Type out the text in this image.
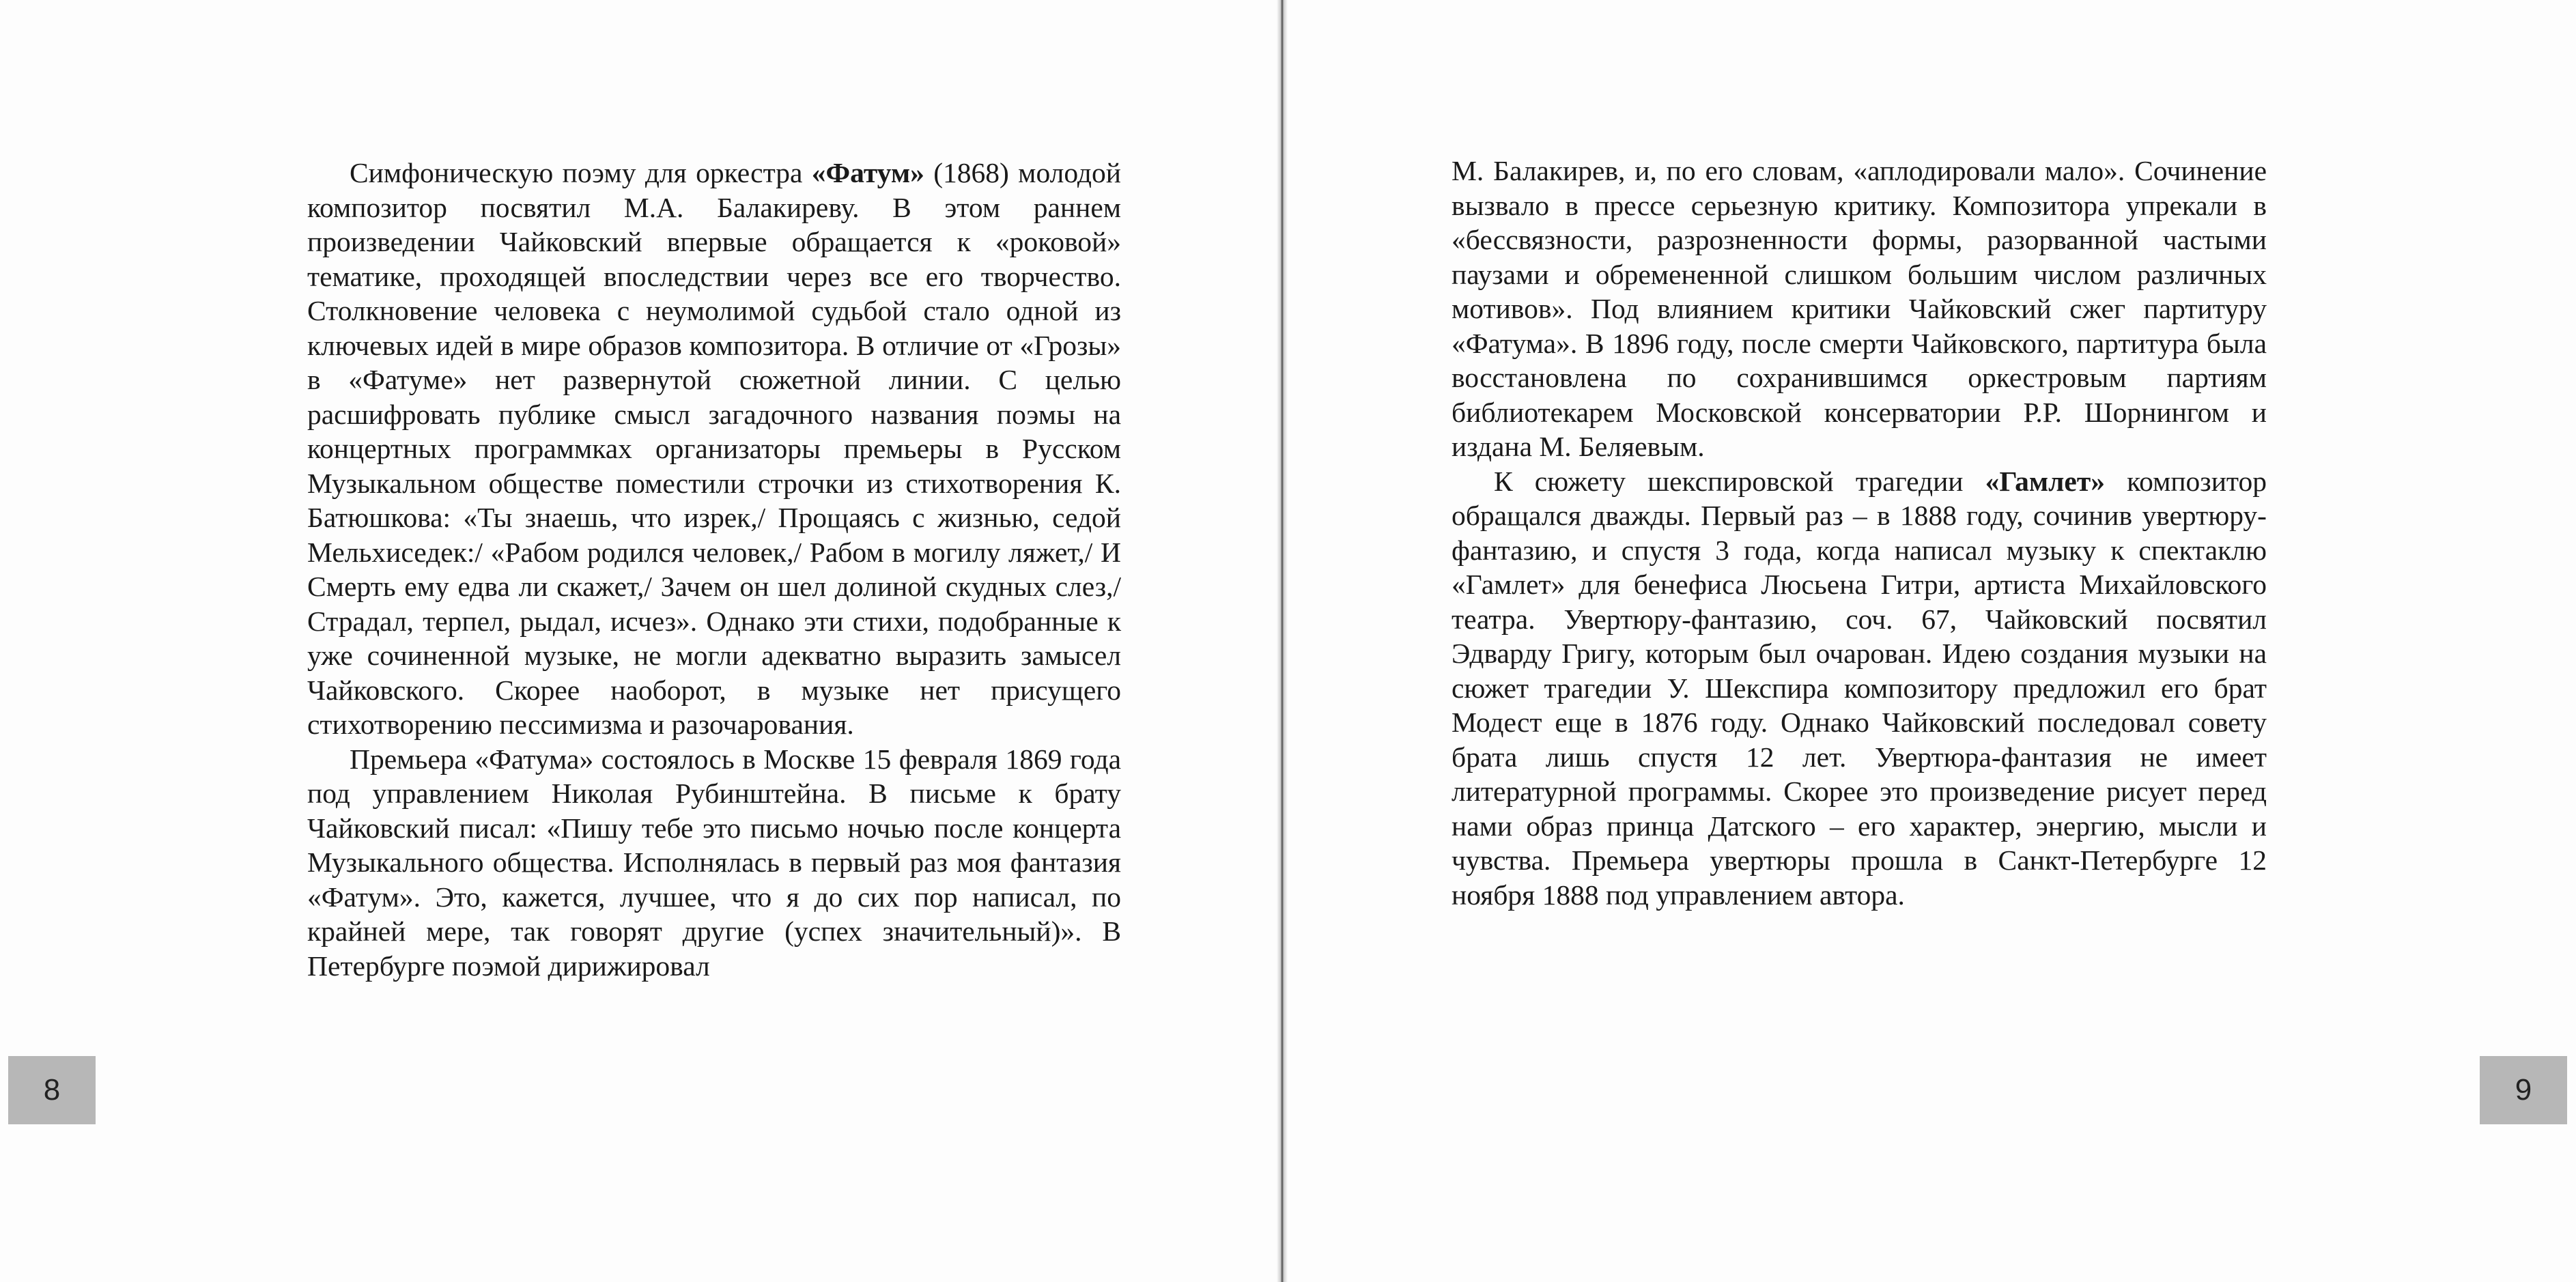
Симфоническую поэму для оркестра «Фатум» (1868) молодой композитор посвятил М.А. Балакиреву. В этом раннем произведении Чайковский впервые обращается к «роковой» тематике, проходящей впоследствии через все его творчество. Столкновение человека с неумолимой судьбой стало одной из ключевых идей в мире образов композитора. В отличие от «Грозы» в «Фатуме» нет развернутой сюжетной линии. С целью расшифровать публике смысл загадочного названия поэмы на концертных программках организаторы премьеры в Русском Музыкальном обществе поместили строчки из стихотворения К. Батюшкова: «Ты знаешь, что изрек,/ Прощаясь с жизнью, седой Мельхиседек:/ «Рабом родился человек,/ Рабом в могилу ляжет,/ И Смерть ему едва ли скажет,/ Зачем он шел долиной скудных слез,/ Страдал, терпел, рыдал, исчез». Однако эти стихи, подобранные к уже сочиненной музыке, не могли адекватно выразить замысел Чайковского. Скорее наоборот, в музыке нет присущего стихотворению пессимизма и разочарования.

Премьера «Фатума» состоялось в Москве 15 февраля 1869 года под управлением Николая Рубинштейна. В письме к брату Чайковский писал: «Пишу тебе это письмо ночью после концерта Музыкального общества. Исполнялась в первый раз моя фантазия «Фатум». Это, кажется, лучшее, что я до сих пор написал, по крайней мере, так говорят другие (успех значительный)». В Петербурге поэмой дирижировал

8

М. Балакирев, и, по его словам, «аплодировали мало». Сочинение вызвало в прессе серьезную критику. Композитора упрекали в «бессвязности, разрозненности формы, разорванной частыми паузами и обремененной слишком большим числом различных мотивов». Под влиянием критики Чайковский сжег партитуру «Фатума». В 1896 году, после смерти Чайковского, партитура была восстановлена по сохранившимся оркестровым партиям библиотекарем Московской консерватории Р.Р. Шорнингом и издана М. Беляевым.

К сюжету шекспировской трагедии «Гамлет» композитор обращался дважды. Первый раз – в 1888 году, сочинив увертюру-фантазию, и спустя 3 года, когда написал музыку к спектаклю «Гамлет» для бенефиса Люсьена Гитри, артиста Михайловского театра. Увертюру-фантазию, соч. 67, Чайковский посвятил Эдварду Григу, которым был очарован. Идею создания музыки на сюжет трагедии У. Шекспира композитору предложил его брат Модест еще в 1876 году. Однако Чайковский последовал совету брата лишь спустя 12 лет. Увертюра-фантазия не имеет литературной программы. Скорее это произведение рисует перед нами образ принца Датского – его характер, энергию, мысли и чувства. Премьера увертюры прошла в Санкт-Петербурге 12 ноября 1888 под управлением автора.

9
